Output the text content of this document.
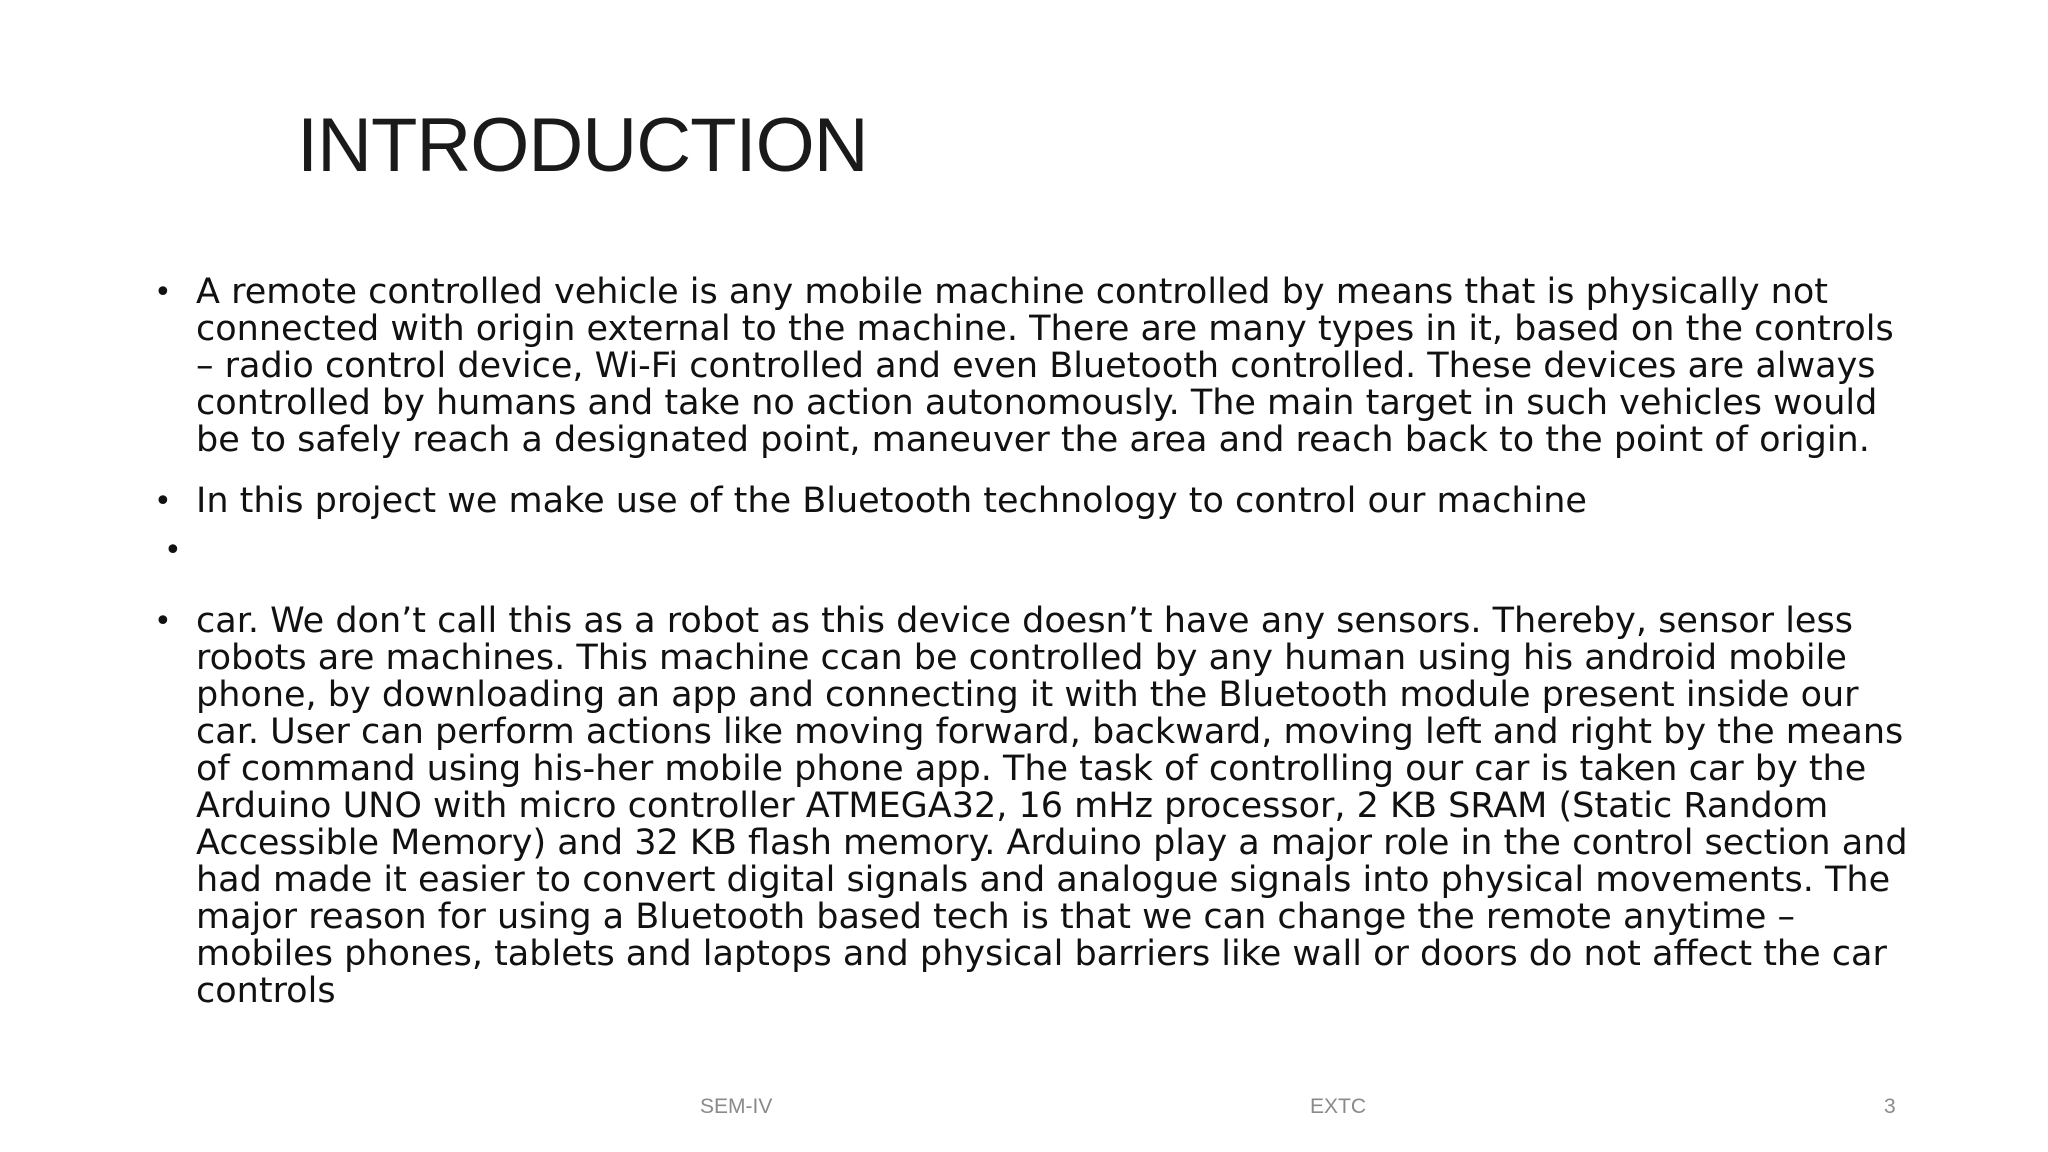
INTRODUCTION

• A remote controlled vehicle is any mobile machine controlled by means that is physically not connected with origin external to the machine. There are many types in it, based on the controls – radio control device, Wi-Fi controlled and even Bluetooth controlled. These devices are always controlled by humans and take no action autonomously. The main target in such vehicles would be to safely reach a designated point, maneuver the area and reach back to the point of origin.

• In this project we make use of the Bluetooth technology to control our machine

•

• car. We don’t call this as a robot as this device doesn’t have any sensors. Thereby, sensor less robots are machines. This machine ccan be controlled by any human using his android mobile phone, by downloading an app and connecting it with the Bluetooth module present inside our car. User can perform actions like moving forward, backward, moving left and right by the means of command using his-her mobile phone app. The task of controlling our car is taken car by the Arduino UNO with micro controller ATMEGA32, 16 mHz processor, 2 KB SRAM (Static Random Accessible Memory) and 32 KB flash memory. Arduino play a major role in the control section and had made it easier to convert digital signals and analogue signals into physical movements. The major reason for using a Bluetooth based tech is that we can change the remote anytime – mobiles phones, tablets and laptops and physical barriers like wall or doors do not affect the car controls

SEM-IV	EXTC	3
